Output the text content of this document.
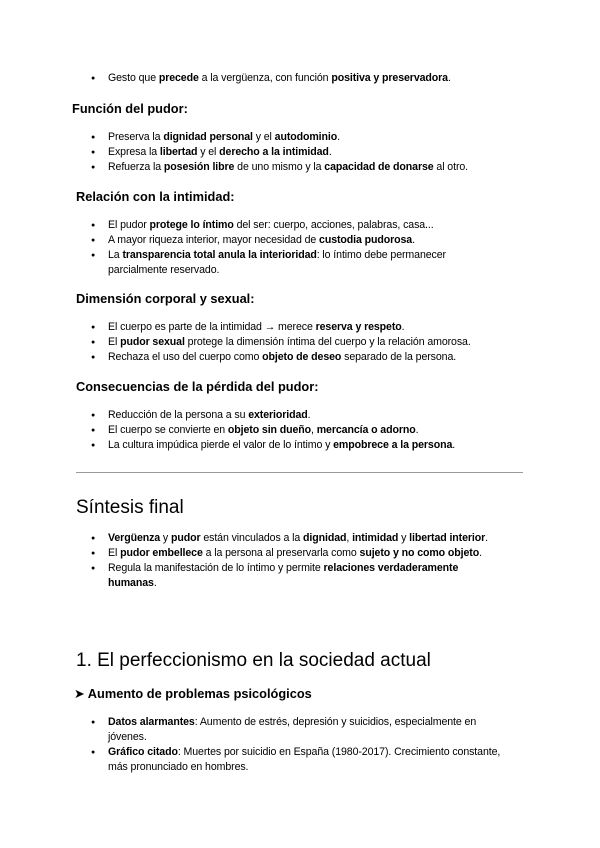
● Gesto que precede a la vergüenza, con función positiva y preservadora.
Función del pudor:
● Preserva la dignidad personal y el autodominio.
● Expresa la libertad y el derecho a la intimidad.
● Refuerza la posesión libre de uno mismo y la capacidad de donarse al otro.
Relación con la intimidad:
● El pudor protege lo íntimo del ser: cuerpo, acciones, palabras, casa...
● A mayor riqueza interior, mayor necesidad de custodia pudorosa.
● La transparencia total anula la interioridad: lo íntimo debe permanecer parcialmente reservado.
Dimensión corporal y sexual:
● El cuerpo es parte de la intimidad → merece reserva y respeto.
● El pudor sexual protege la dimensión íntima del cuerpo y la relación amorosa.
● Rechaza el uso del cuerpo como objeto de deseo separado de la persona.
Consecuencias de la pérdida del pudor:
● Reducción de la persona a su exterioridad.
● El cuerpo se convierte en objeto sin dueño, mercancía o adorno.
● La cultura impúdica pierde el valor de lo íntimo y empobrece a la persona.
Síntesis final
● Vergüenza y pudor están vinculados a la dignidad, intimidad y libertad interior.
● El pudor embellece a la persona al preservarla como sujeto y no como objeto.
● Regula la manifestación de lo íntimo y permite relaciones verdaderamente humanas.
1. El perfeccionismo en la sociedad actual
➤ Aumento de problemas psicológicos
● Datos alarmantes: Aumento de estrés, depresión y suicidios, especialmente en jóvenes.
● Gráfico citado: Muertes por suicidio en España (1980-2017). Crecimiento constante, más pronunciado en hombres.
